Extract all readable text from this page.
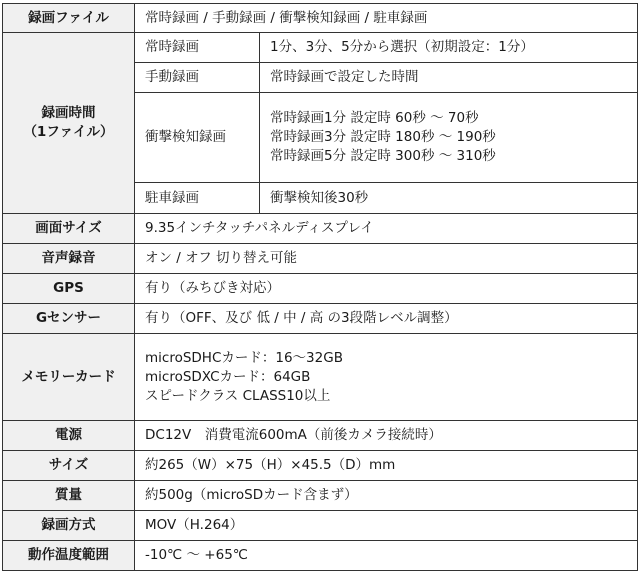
録画ファイル	常時録画 / 手動録画 / 衝撃検知録画 / 駐車録画	

録画時間
（1ファイル）	常時録画	1分、3分、5分から選択（初期設定：1分）
	手動録画	常時録画で設定した時間
	衝撃検知録画	常時録画1分 設定時 60秒 〜 70秒
常時録画3分 設定時 180秒 〜 190秒
常時録画5分 設定時 300秒 〜 310秒

	駐車録画	衝撃検知後30秒
画面サイズ	9.35インチタッチパネルディスプレイ	
音声録音	オン / オフ 切り替え可能	
GPS	有り（みちびき対応）	
Gセンサー	有り（OFF、及び 低 / 中 / 高 の3段階レベル調整）	
メモリーカード	microSDHCカード：16〜32GB
microSDXCカード：64GB
スピードクラス CLASS10以上	

電源	DC12V　消費電流600mA（前後カメラ接続時）	
サイズ	約265（W）×75（H）×45.5（D）mm	
質量	約500g（microSDカード含まず）	
録画方式	MOV（H.264）	
動作温度範囲	-10℃ 〜 +65℃	
